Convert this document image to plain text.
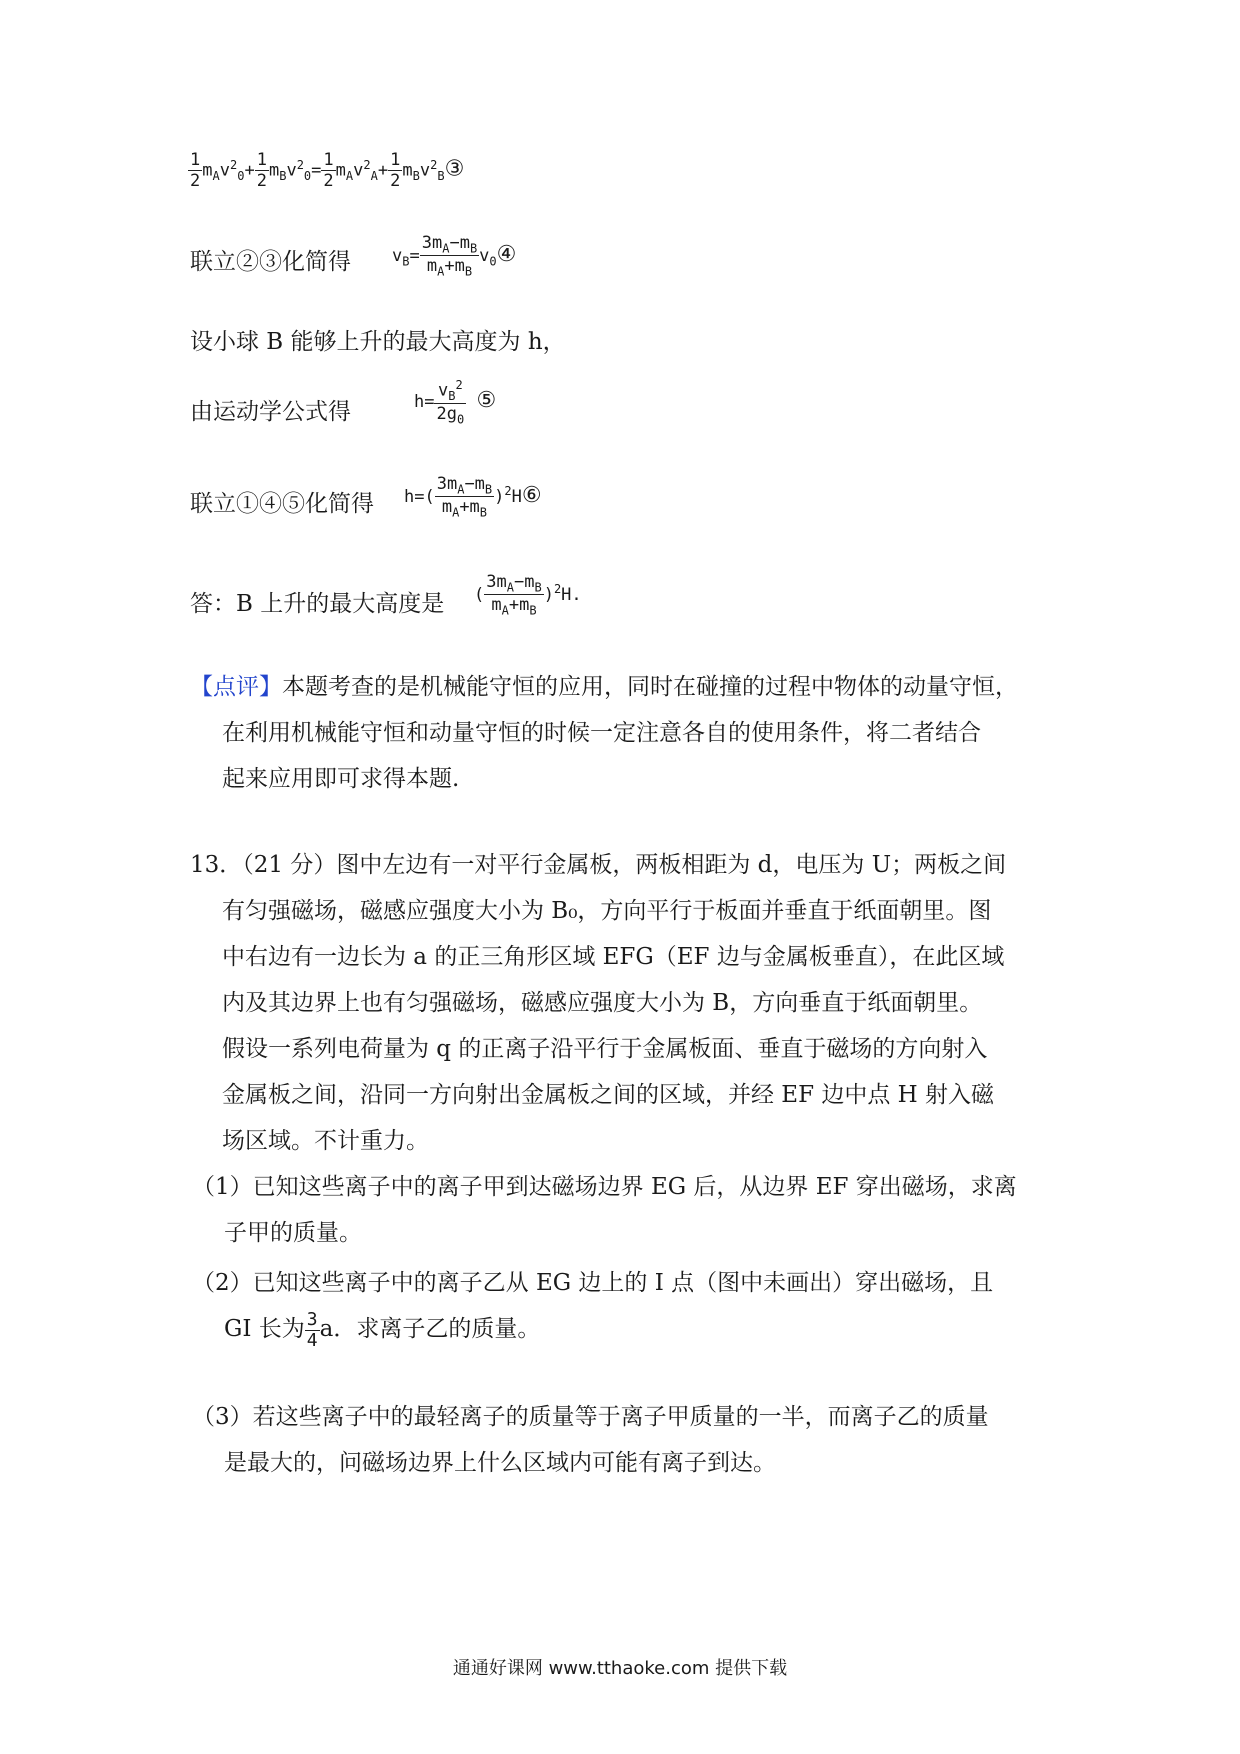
$\frac{1}{2} m_Av^2_0+ \frac{1}{2} m_Bv^2_0= \frac{1}{2} m_Av^2_A+ \frac{1}{2}$ $m_Bv^2_B③$
联立②③化简得 $v_B= \frac{3m_A-m_B}{m_A+m_B}$ $v_0④$
设小球 B 能够上升的最大高度为 h，
由运动学公式得	$h= \frac{v_B^2}{2g_0}$ ⑤
联立①④⑤化简得 $h=( \frac{3m_A-m_B}{m_A+m_B}$ )$^2H⑥$
答：B 上升的最大高度是 ( $\frac{3m_A-m_B}{m_A+m_B} )^2H$.
【点评】本题考查的是机械能守恒的应用，同时在碰撞的过程中物体的动量守恒，
在利用机械能守恒和动量守恒的时候一定注意各自的使用条件，将二者结合
起来应用即可求得本题.
13．（21 分）图中左边有一对平行金属板，两板相距为 d，电压为 U；两板之间
有匀强磁场，磁感应强度大小为 B₀，方向平行于板面并垂直于纸面朝里。图
中右边有一边长为 a 的正三角形区域 EFG（EF 边与金属板垂直），在此区域
内及其边界上也有匀强磁场，磁感应强度大小为 B，方向垂直于纸面朝里。
假设一系列电荷量为 q 的正离子沿平行于金属板面、垂直于磁场的方向射入
金属板之间，沿同一方向射出金属板之间的区域，并经 EF 边中点 H 射入磁
场区域。不计重力。
（1）已知这些离子中的离子甲到达磁场边界 EG 后，从边界 EF 穿出磁场，求离
子甲的质量。
（2）已知这些离子中的离子乙从 EG 边上的 I 点（图中未画出）穿出磁场，且
GI 长为 $\frac{3}{4}$ a．求离子乙的质量。
（3）若这些离子中的最轻离子的质量等于离子甲质量的一半，而离子乙的质量
是最大的，问磁场边界上什么区域内可能有离子到达。
通通好课网 www.tthaoke.com 提供下载
